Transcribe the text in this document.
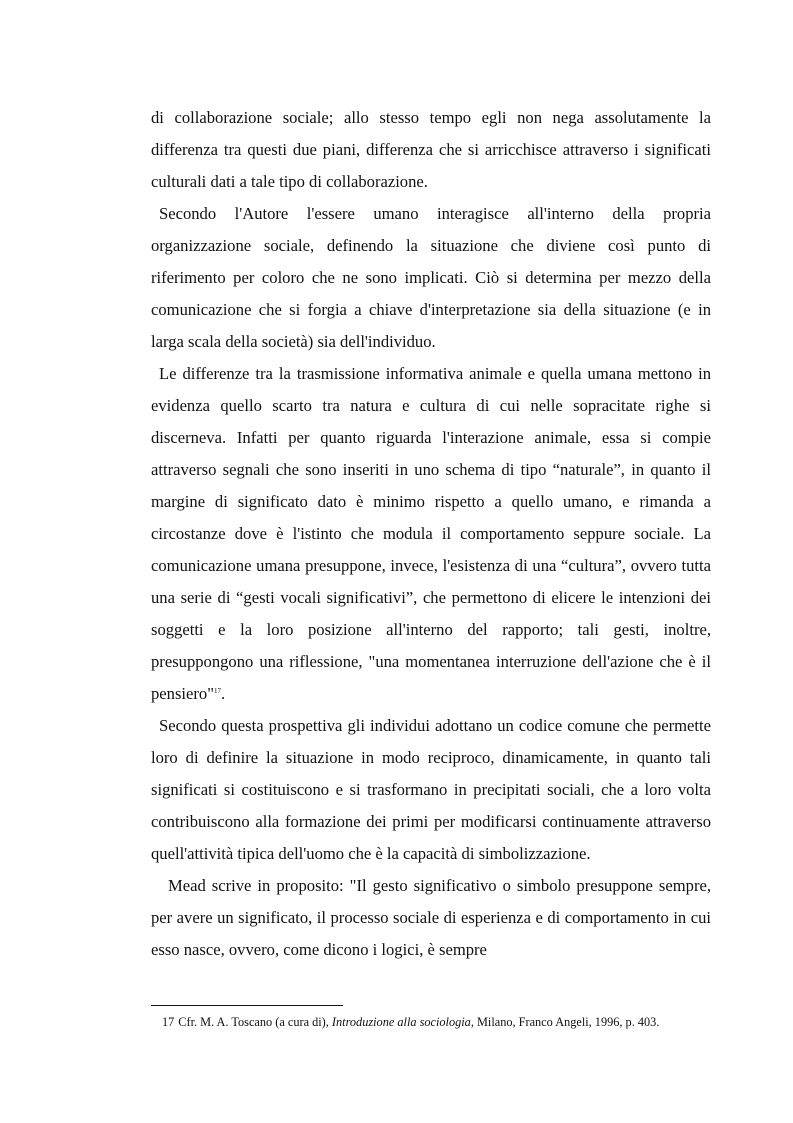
di collaborazione sociale; allo stesso tempo egli non nega assolutamente la differenza tra questi due piani, differenza che si arricchisce attraverso i significati culturali dati a tale tipo di collaborazione.

Secondo l'Autore l'essere umano interagisce all'interno della propria organizzazione sociale, definendo la situazione che diviene così punto di riferimento per coloro che ne sono implicati. Ciò si determina per mezzo della comunicazione che si forgia a chiave d'interpretazione sia della situazione (e in larga scala della società) sia dell'individuo.

Le differenze tra la trasmissione informativa animale e quella umana mettono in evidenza quello scarto tra natura e cultura di cui nelle sopracitate righe si discerneva. Infatti per quanto riguarda l'interazione animale, essa si compie attraverso segnali che sono inseriti in uno schema di tipo “naturale”, in quanto il margine di significato dato è minimo rispetto a quello umano, e rimanda a circostanze dove è l'istinto che modula il comportamento seppure sociale. La comunicazione umana presuppone, invece, l'esistenza di una “cultura”, ovvero tutta una serie di “gesti vocali significativi”, che permettono di elicere le intenzioni dei soggetti e la loro posizione all'interno del rapporto; tali gesti, inoltre, presuppongono una riflessione, "una momentanea interruzione dell'azione che è il pensiero"$^{17}$.

Secondo questa prospettiva gli individui adottano un codice comune che permette loro di definire la situazione in modo reciproco, dinamicamente, in quanto tali significati si costituiscono e si trasformano in precipitati sociali, che a loro volta contribuiscono alla formazione dei primi per modificarsi continuamente attraverso quell'attività tipica dell'uomo che è la capacità di simbolizzazione.

Mead scrive in proposito: "Il gesto significativo o simbolo presuppone sempre, per avere un significato, il processo sociale di esperienza e di comportamento in cui esso nasce, ovvero, come dicono i logici, è sempre

17 Cfr. M. A. Toscano (a cura di), Introduzione alla sociologia, Milano, Franco Angeli, 1996, p. 403.
